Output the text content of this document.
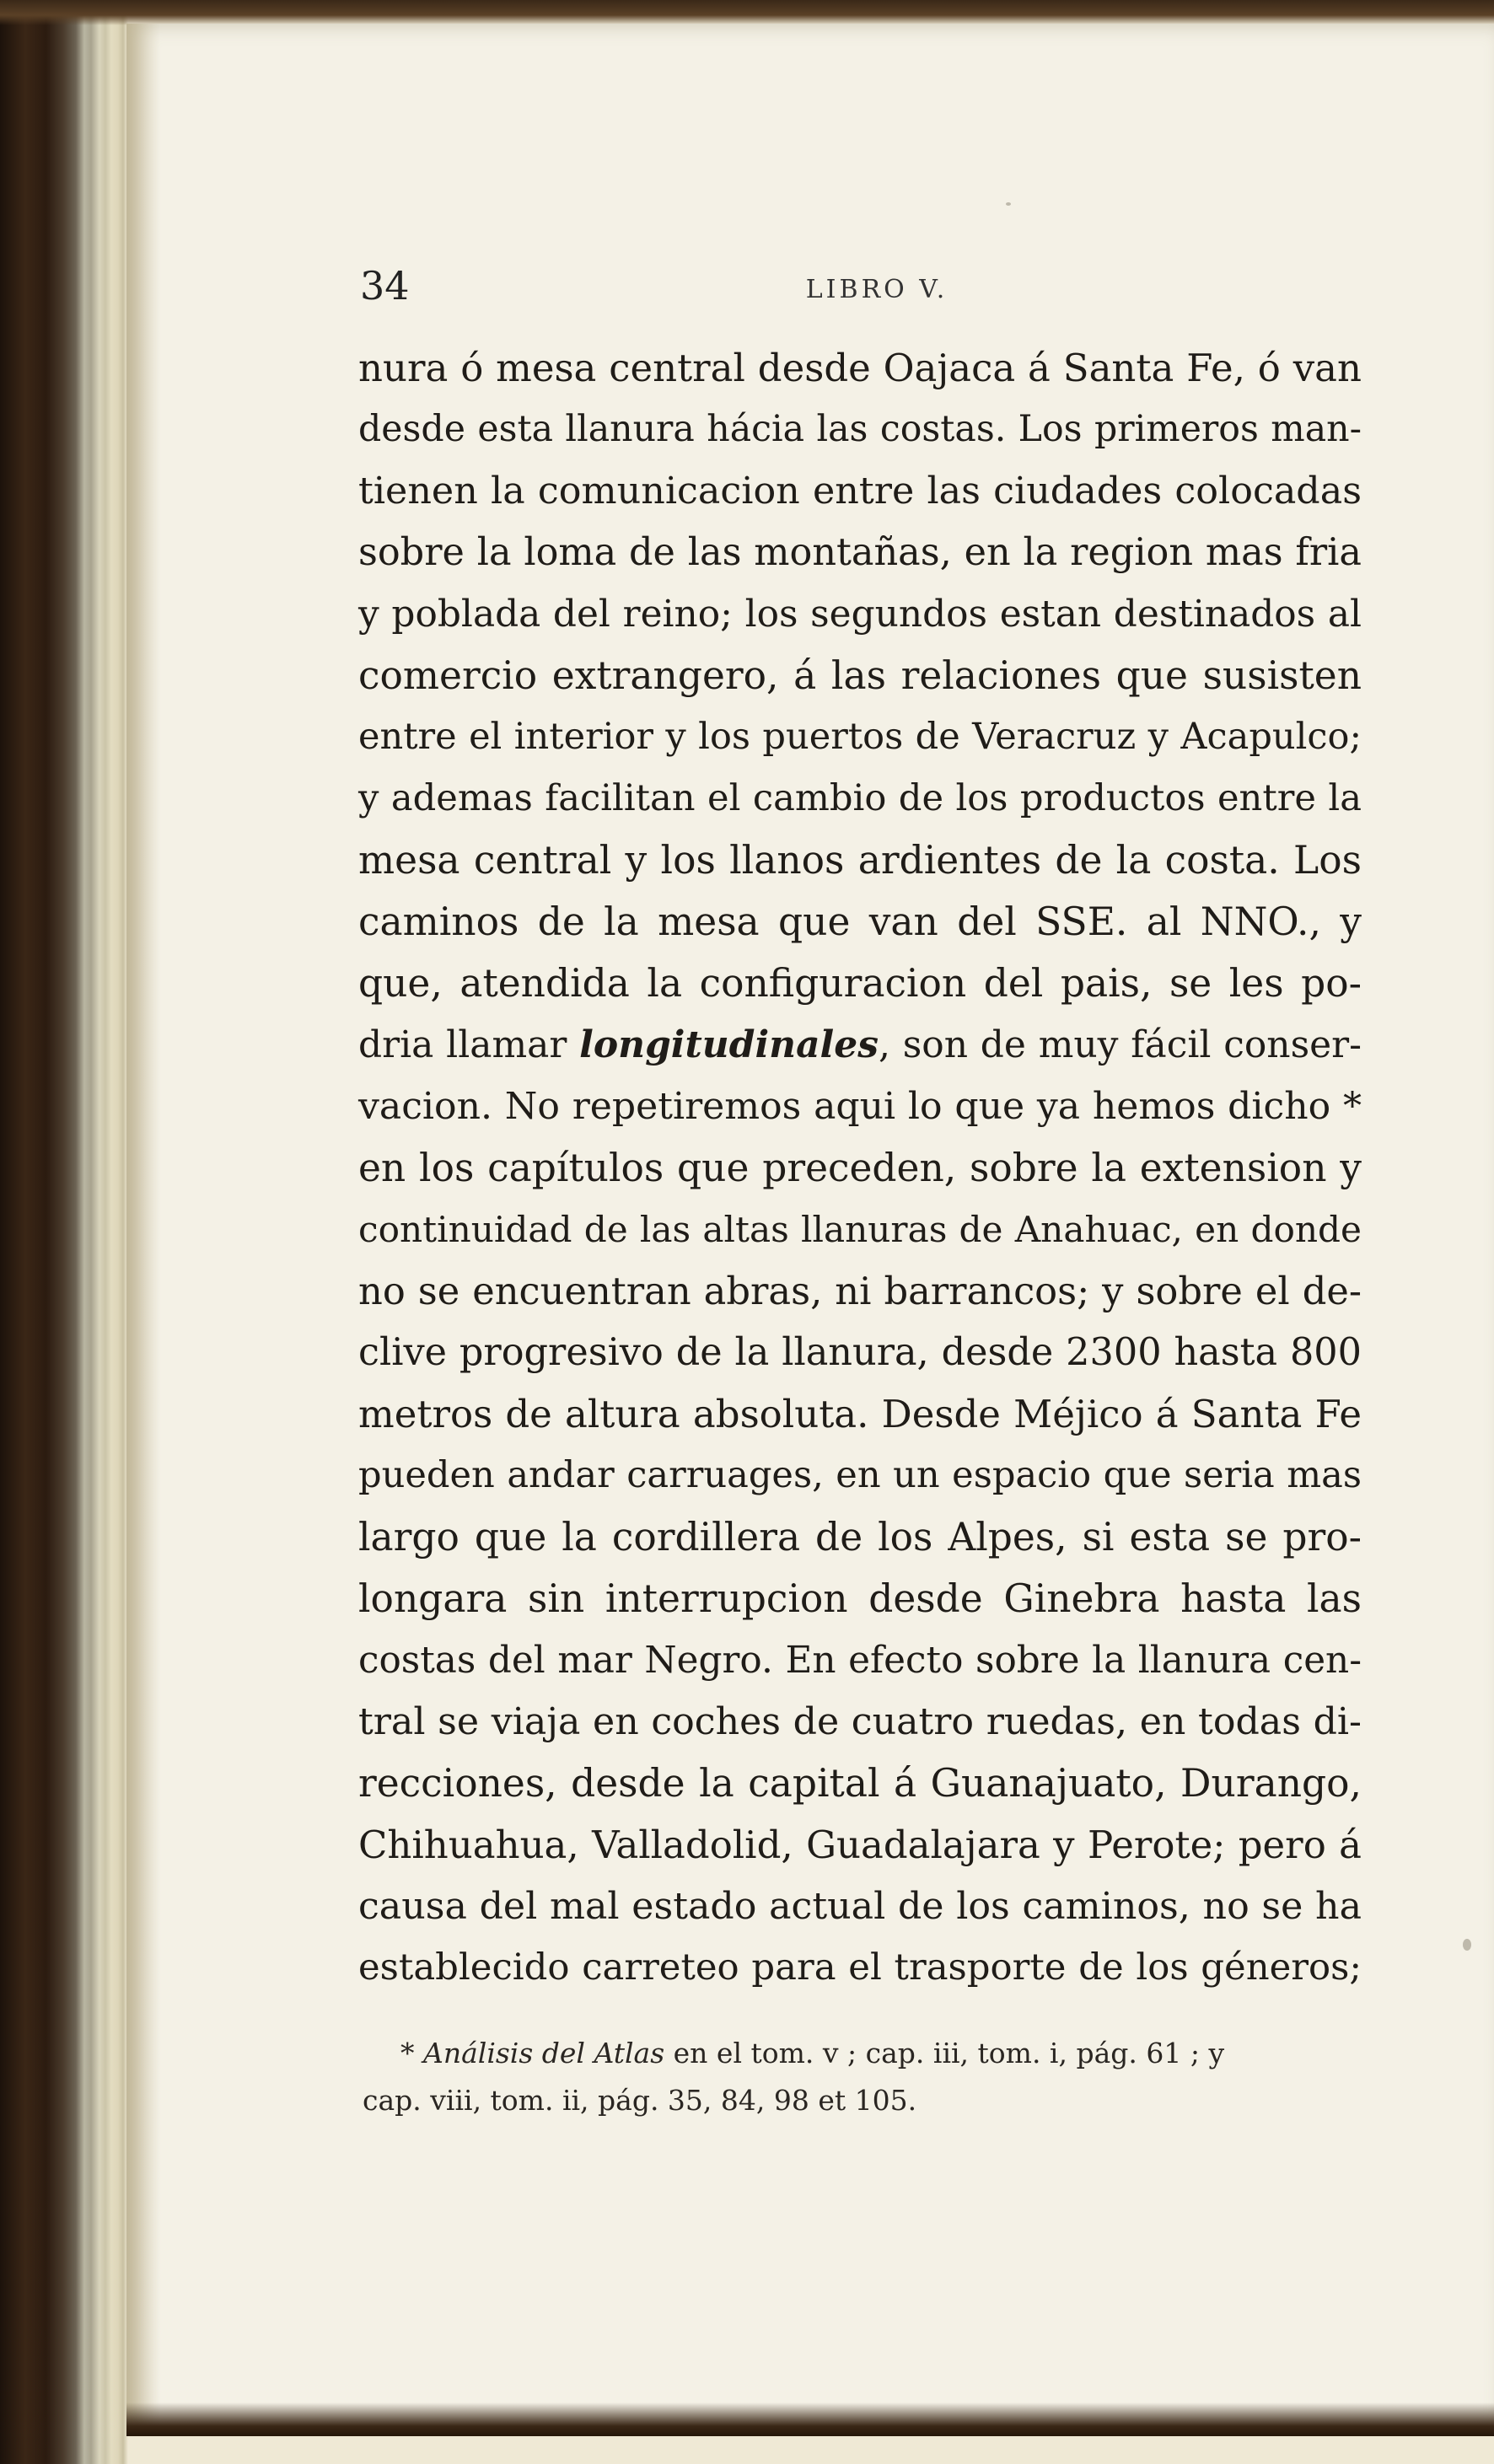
34	LIBRO V.
nura ó mesa central desde Oajaca á Santa Fe, ó van
desde esta llanura hácia las costas. Los primeros man-
tienen la comunicacion entre las ciudades colocadas
sobre la loma de las montañas, en la region mas fria
y poblada del reino; los segundos estan destinados al
comercio extrangero, á las relaciones que susisten
entre el interior y los puertos de Veracruz y Acapulco;
y ademas facilitan el cambio de los productos entre la
mesa central y los llanos ardientes de la costa. Los
caminos de la mesa que van del SSE. al NNO., y
que, atendida la configuracion del pais, se les po-
dria llamar longitudinales, son de muy fácil conser-
vacion. No repetiremos aqui lo que ya hemos dicho *
en los capítulos que preceden, sobre la extension y
continuidad de las altas llanuras de Anahuac, en donde
no se encuentran abras, ni barrancos; y sobre el de-
clive progresivo de la llanura, desde 2300 hasta 800
metros de altura absoluta. Desde Méjico á Santa Fe
pueden andar carruages, en un espacio que seria mas
largo que la cordillera de los Alpes, si esta se pro-
longara sin interrupcion desde Ginebra hasta las
costas del mar Negro. En efecto sobre la llanura cen-
tral se viaja en coches de cuatro ruedas, en todas di-
recciones, desde la capital á Guanajuato, Durango,
Chihuahua, Valladolid, Guadalajara y Perote; pero á
causa del mal estado actual de los caminos, no se ha
establecido carreteo para el trasporte de los géneros;
* Análisis del Atlas en el tom. v ; cap. iii, tom. i, pág. 61 ; y
cap. viii, tom. ii, pág. 35, 84, 98 et 105.
